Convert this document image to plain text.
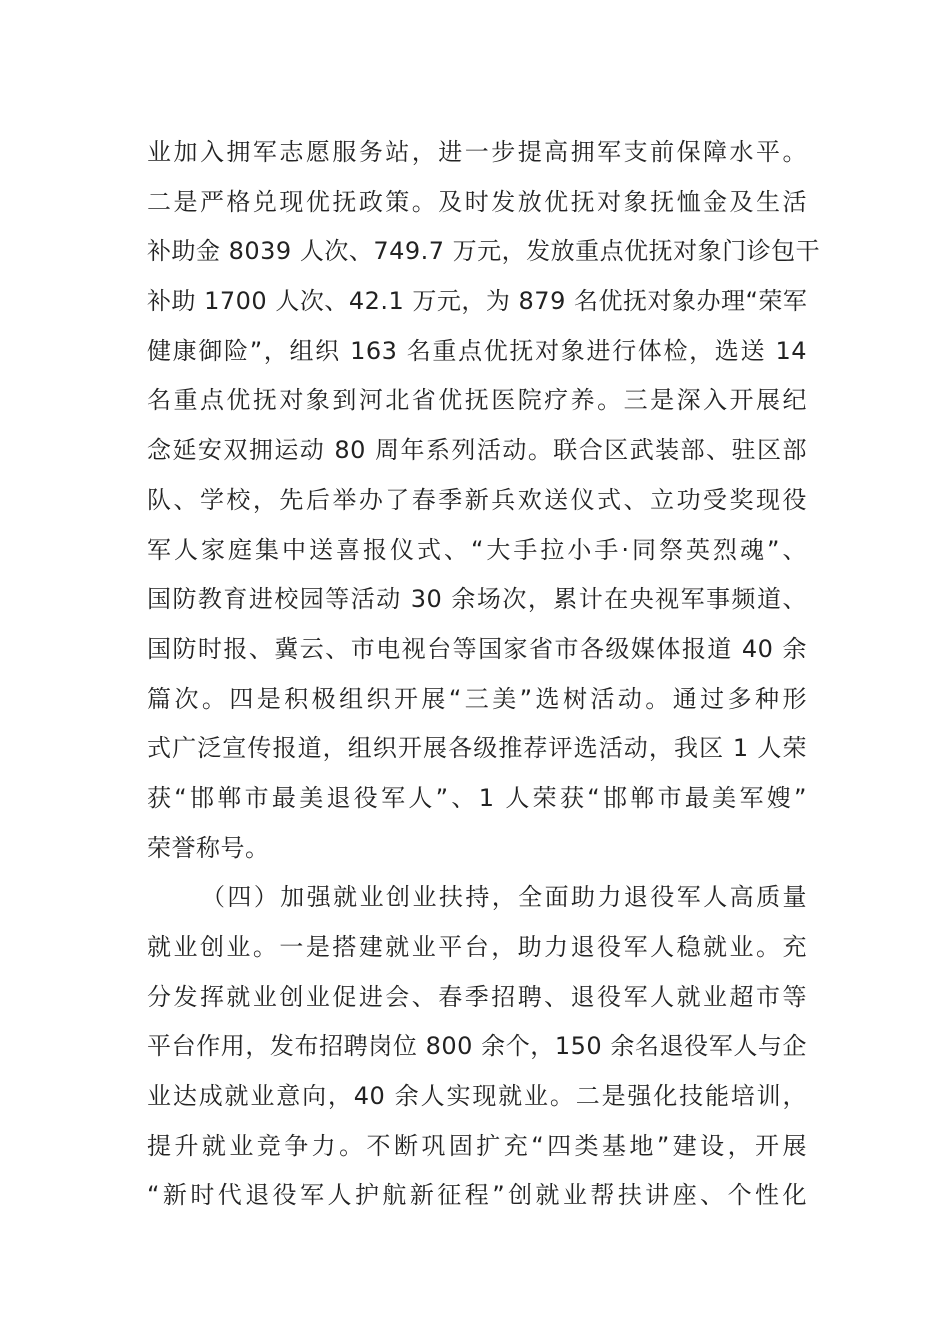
业加入拥军志愿服务站，进一步提高拥军支前保障水平。
二是严格兑现优抚政策。及时发放优抚对象抚恤金及生活
补助金 8039 人次、749.7 万元，发放重点优抚对象门诊包干
补助 1700 人次、42.1 万元，为 879 名优抚对象办理“荣军
健康御险”，组织 163 名重点优抚对象进行体检，选送 14
名重点优抚对象到河北省优抚医院疗养。三是深入开展纪
念延安双拥运动 80 周年系列活动。联合区武装部、驻区部
队、学校，先后举办了春季新兵欢送仪式、立功受奖现役
军人家庭集中送喜报仪式、“大手拉小手·同祭英烈魂”、
国防教育进校园等活动 30 余场次，累计在央视军事频道、
国防时报、冀云、市电视台等国家省市各级媒体报道 40 余
篇次。四是积极组织开展“三美”选树活动。通过多种形
式广泛宣传报道，组织开展各级推荐评选活动，我区 1 人荣
获“邯郸市最美退役军人”、1 人荣获“邯郸市最美军嫂”
荣誉称号。
（四）加强就业创业扶持，全面助力退役军人高质量
就业创业。一是搭建就业平台，助力退役军人稳就业。充
分发挥就业创业促进会、春季招聘、退役军人就业超市等
平台作用，发布招聘岗位 800 余个，150 余名退役军人与企
业达成就业意向，40 余人实现就业。二是强化技能培训，
提升就业竞争力。不断巩固扩充“四类基地”建设，开展
“新时代退役军人护航新征程”创就业帮扶讲座、个性化
